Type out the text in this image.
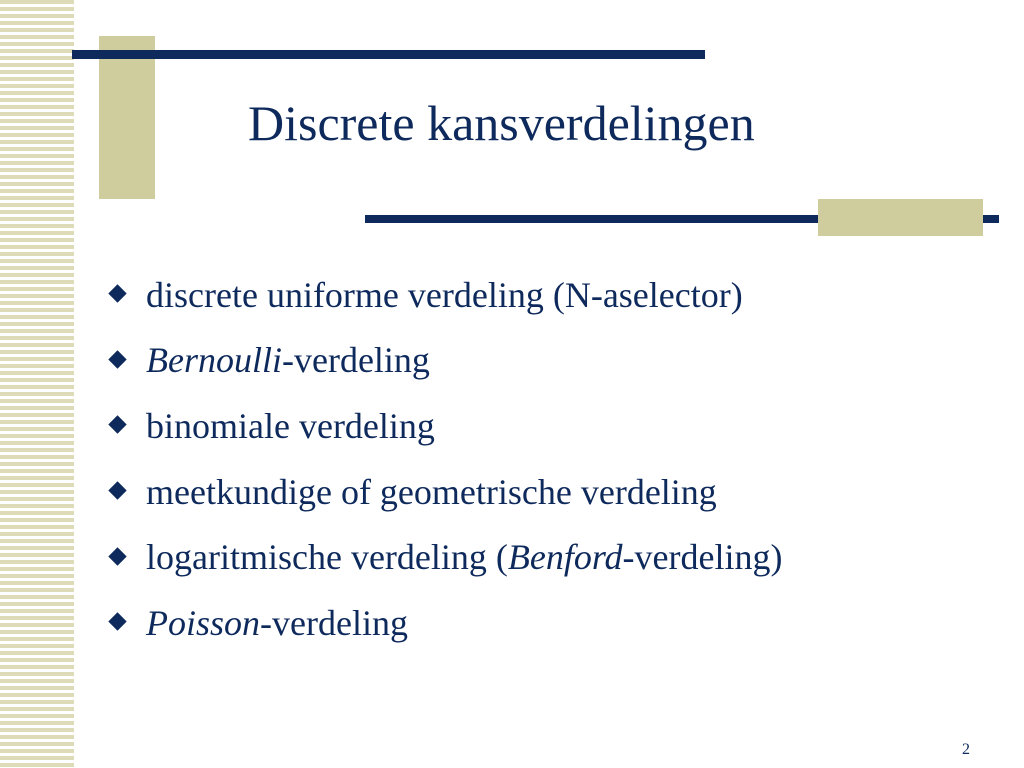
Discrete kansverdelingen
discrete uniforme verdeling (N-aselector)
Bernoulli-verdeling
binomiale verdeling
meetkundige of geometrische verdeling
logaritmische verdeling (Benford-verdeling)
Poisson-verdeling
2
